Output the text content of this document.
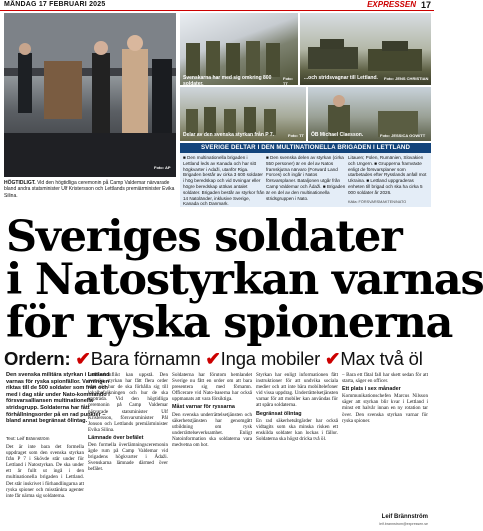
MÅNDAG 17 FEBRUARI 2025	EXPRESSEN 17
Foto: AP
HÖGTIDLIGT. Vid den högtidliga ceremonin på Camp Valdemar närvarade bland andra statsminister Ulf Kristersson och Lettlands premiärminister Evika Silina.
Svenskarna har med sig omkring 800 soldater.
Foto: TT
...och stridsvagnar till Lettland. Foto: JENS CHRISTIAN
Delar av den svenska styrkan från P 7.	Foto: TT ÖB Michael Claesson.	Foto: JESSICA GOW/TT
SVERIGE DELTAR I DEN MULTINATIONELLA BRIGADEN I LETTLAND
■ Den multinationella brigaden i Lettland leds av Kanada och har sitt högkvarter i Adaži, utanför Riga. Brigaden består av cirka 3 600 soldater i hög beredskap och vid övningar eller högre beredskap utökas antalet soldater. Brigaden består av styrkor från 14 Natoländer, inklusive Sverige, Kanada och Danmark.
■ Den svenska delen av styrkan (cirka 550 personer) är en del av Natos framskjutna närvaro (Forward Land Forces) och ingår i Natos försvarsplaner. Bataljonen utgår från Camp Valdemar och Ådaži. ■ Brigaden är en del av den multinationella stridsgruppen i Nato.
Litauen; Polen, Rumänien, Slovakien och Ungern. ■ Grupperna framväxte enligt de försvarsplaner som utarbetades efter Rysslands anfall mot Ukraina. ■ Lettland uppgraderas enheten till brigad och ska ha cirka 5 000 soldater år 2026.
Källa: FÖRSVARSMAKTEN/NATO
Sveriges soldater
i Natostyrkan varnas
för ryska spionerna
Ordern: ✔Bara förnamn ✔Inga mobiler ✔Max två öl
Den svenska militära styrkan i Lettland varnas för ryska spionfällor. Varningen riktas till de 500 soldater som från och med i dag står under Nato-kommando i försvarsalliansen multinationella stridsgrupp. Soldaterna har fått förhållningsorder på en rad punkter – bland annat begränsat ölintag.

Det är inte bara det formella uppdraget som den svenska styrkan från P 7 i Skövde står under för Lettland i Natostyrkan. De ska under ett år fullt ut ingå i den multinationella brigaden i Lettland. Det står inskrivet i förhandlingarna att ryska spioner och misstänkta agenter inte får närma sig soldaterna.

Intressekonflikt kan uppstå. Den svenska styrkan har fått flera order som rör hur de ska förhålla sig till lokalbefolkningen och hur de ska uppträda. Vid den högtidliga ceremonin på Camp Valdemar närvarade statsminister Ulf Kristersson, försvarsminister Pål Jonson och Lettlands premiärminister Evika Silina.

Lämnade över befälet

Den formella överlämningsceremonin ägde rum på Camp Valdemar vid brigadens högkvarter i Ådaži. Svenskarna lämnade därmed över befälet.

Soldaterna har förutom hemlandet Sverige nu fått en order om att bara presentera sig med förnamn. Officerare vid Nato-baserna har också uppmanats att vara försiktiga.

Måst varnar för ryssarna

Den svenska underrättelsetjänsten och säkerhetstjänsten har genomgått utbildning om rysk underrättelseverksamhet. Enligt Natoinformation ska soldaterna vara medvetna om hot.

Styrkan har enligt informationen fått instruktioner för att undvika sociala medier och att inte bära mobiltelefoner vid vissa uppdrag. Underrättelsetjänsten varnar för att mobiler kan användas för att spåra soldaterna.

Begränsat ölintag

En rad säkerhetsåtgärder har också vidtagits som ska minska risken ett enskilda soldater kan lockas i fällor. Soldaterna ska högst dricka två öl.

– Bara ett fåtal fall har skett sedan för att starta, säger en officer.

Ett plats i sex månader

Kommunikationschefen Marcus Nilsson säger att styrkan blir kvar i Lettland i minst ett halvår innan en ny rotation tar över. Den svenska styrkan varnar för ryska spioner.

Text: Leif Brännström
Leif Brännström
leif.brannstrom@expressen.se
